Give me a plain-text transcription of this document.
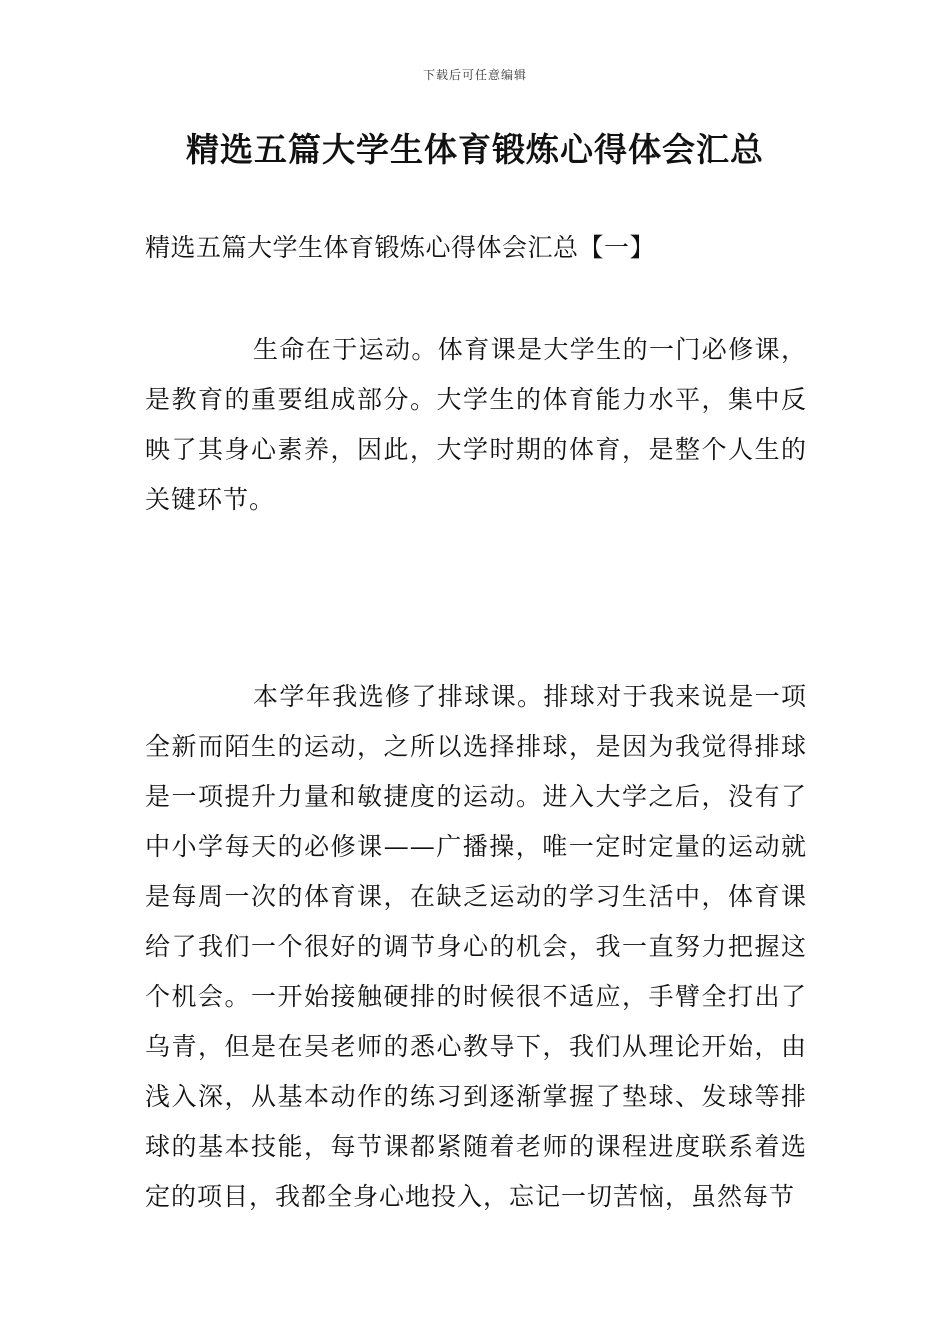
下载后可任意编辑
精选五篇大学生体育锻炼心得体会汇总
精选五篇大学生体育锻炼心得体会汇总【一】

生命在于运动。体育课是大学生的一门必修课，是教育的重要组成部分。大学生的体育能力水平，集中反映了其身心素养，因此，大学时期的体育，是整个人生的关键环节。

本学年我选修了排球课。排球对于我来说是一项全新而陌生的运动，之所以选择排球，是因为我觉得排球是一项提升力量和敏捷度的运动。进入大学之后，没有了中小学每天的必修课——广播操，唯一定时定量的运动就是每周一次的体育课，在缺乏运动的学习生活中，体育课给了我们一个很好的调节身心的机会，我一直努力把握这个机会。一开始接触硬排的时候很不适应，手臂全打出了乌青，但是在吴老师的悉心教导下，我们从理论开始，由浅入深，从基本动作的练习到逐渐掌握了垫球、发球等排球的基本技能，每节课都紧随着老师的课程进度联系着选定的项目，我都全身心地投入，忘记一切苦恼，虽然每节
